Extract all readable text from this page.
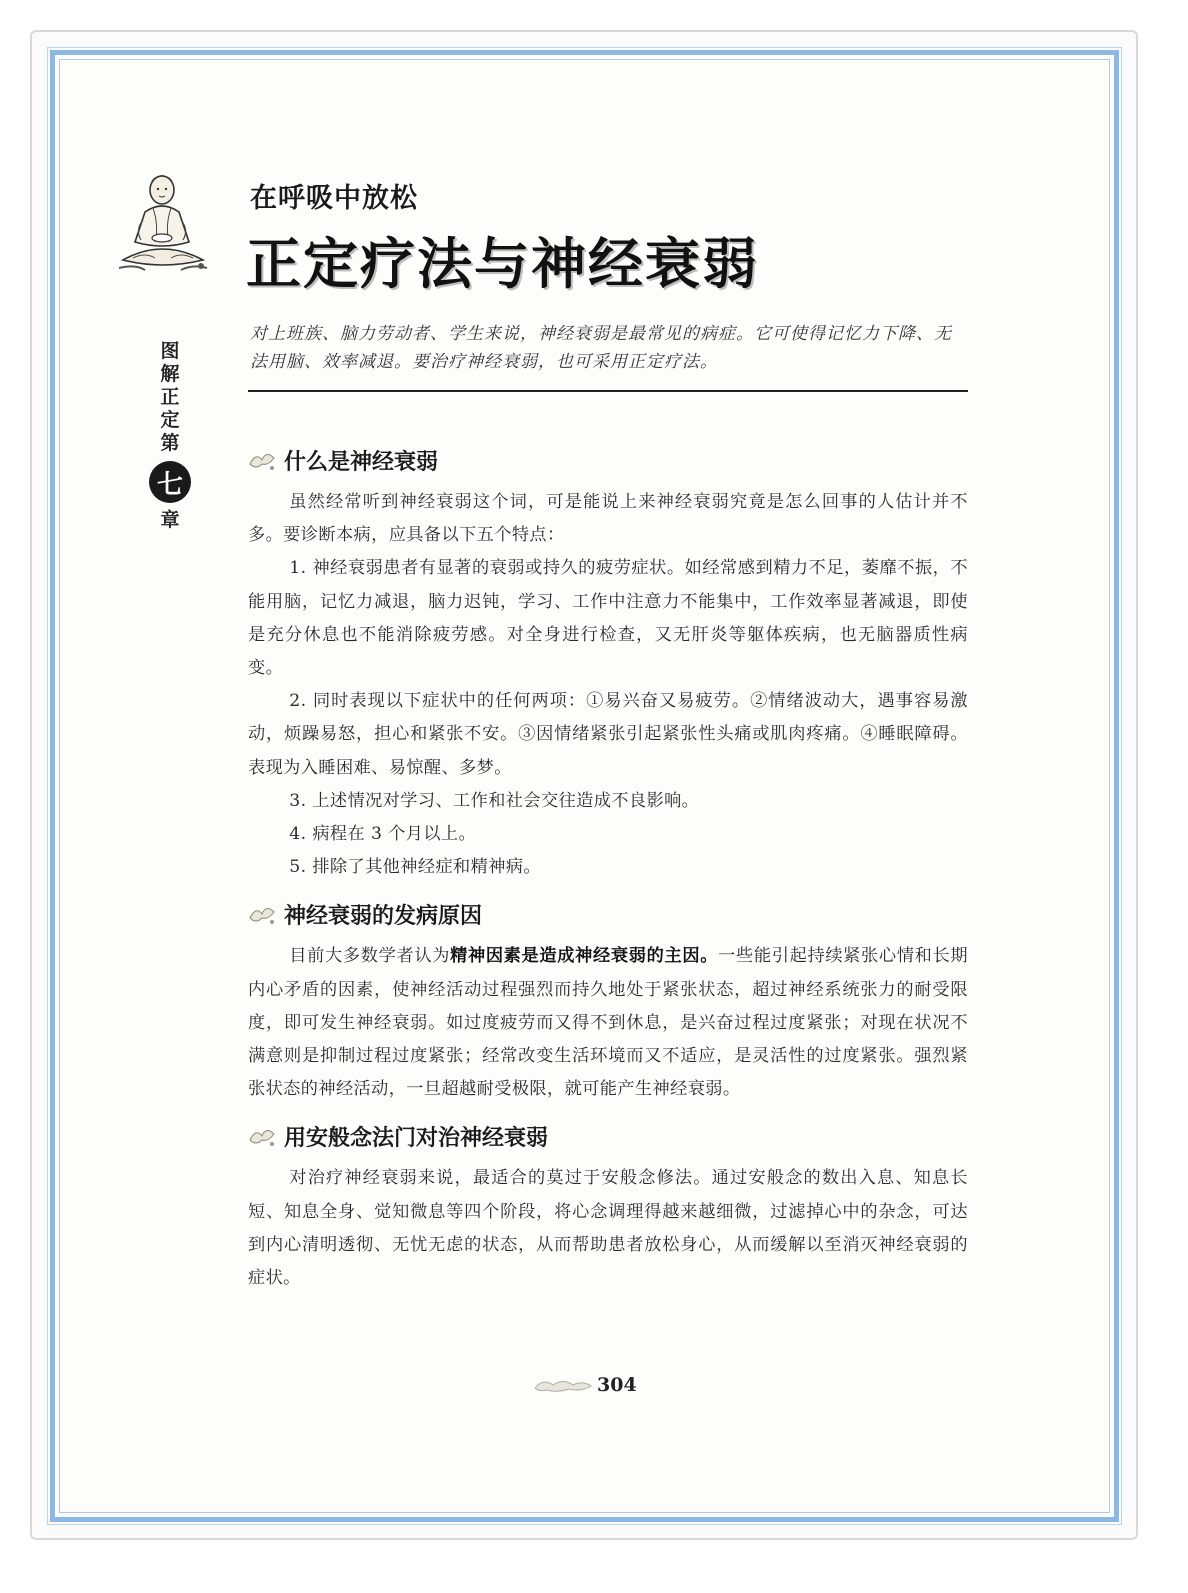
图
解
正
定
第
七
章
在呼吸中放松
正定疗法与神经衰弱
对上班族、脑力劳动者、学生来说，神经衰弱是最常见的病症。它可使得记忆力下降、无法用脑、效率减退。要治疗神经衰弱，也可采用正定疗法。
什么是神经衰弱

虽然经常听到神经衰弱这个词，可是能说上来神经衰弱究竟是怎么回事的人估计并不多。要诊断本病，应具备以下五个特点：

1. 神经衰弱患者有显著的衰弱或持久的疲劳症状。如经常感到精力不足，萎靡不振，不能用脑，记忆力减退，脑力迟钝，学习、工作中注意力不能集中，工作效率显著减退，即使是充分休息也不能消除疲劳感。对全身进行检查，又无肝炎等躯体疾病，也无脑器质性病变。

2. 同时表现以下症状中的任何两项：①易兴奋又易疲劳。②情绪波动大，遇事容易激动，烦躁易怒，担心和紧张不安。③因情绪紧张引起紧张性头痛或肌肉疼痛。④睡眠障碍。表现为入睡困难、易惊醒、多梦。

3. 上述情况对学习、工作和社会交往造成不良影响。

4. 病程在 3 个月以上。

5. 排除了其他神经症和精神病。

神经衰弱的发病原因

目前大多数学者认为精神因素是造成神经衰弱的主因。一些能引起持续紧张心情和长期内心矛盾的因素，使神经活动过程强烈而持久地处于紧张状态，超过神经系统张力的耐受限度，即可发生神经衰弱。如过度疲劳而又得不到休息，是兴奋过程过度紧张；对现在状况不满意则是抑制过程过度紧张；经常改变生活环境而又不适应，是灵活性的过度紧张。强烈紧张状态的神经活动，一旦超越耐受极限，就可能产生神经衰弱。

用安般念法门对治神经衰弱

对治疗神经衰弱来说，最适合的莫过于安般念修法。通过安般念的数出入息、知息长短、知息全身、觉知微息等四个阶段，将心念调理得越来越细微，过滤掉心中的杂念，可达到内心清明透彻、无忧无虑的状态，从而帮助患者放松身心，从而缓解以至消灭神经衰弱的症状。

304
